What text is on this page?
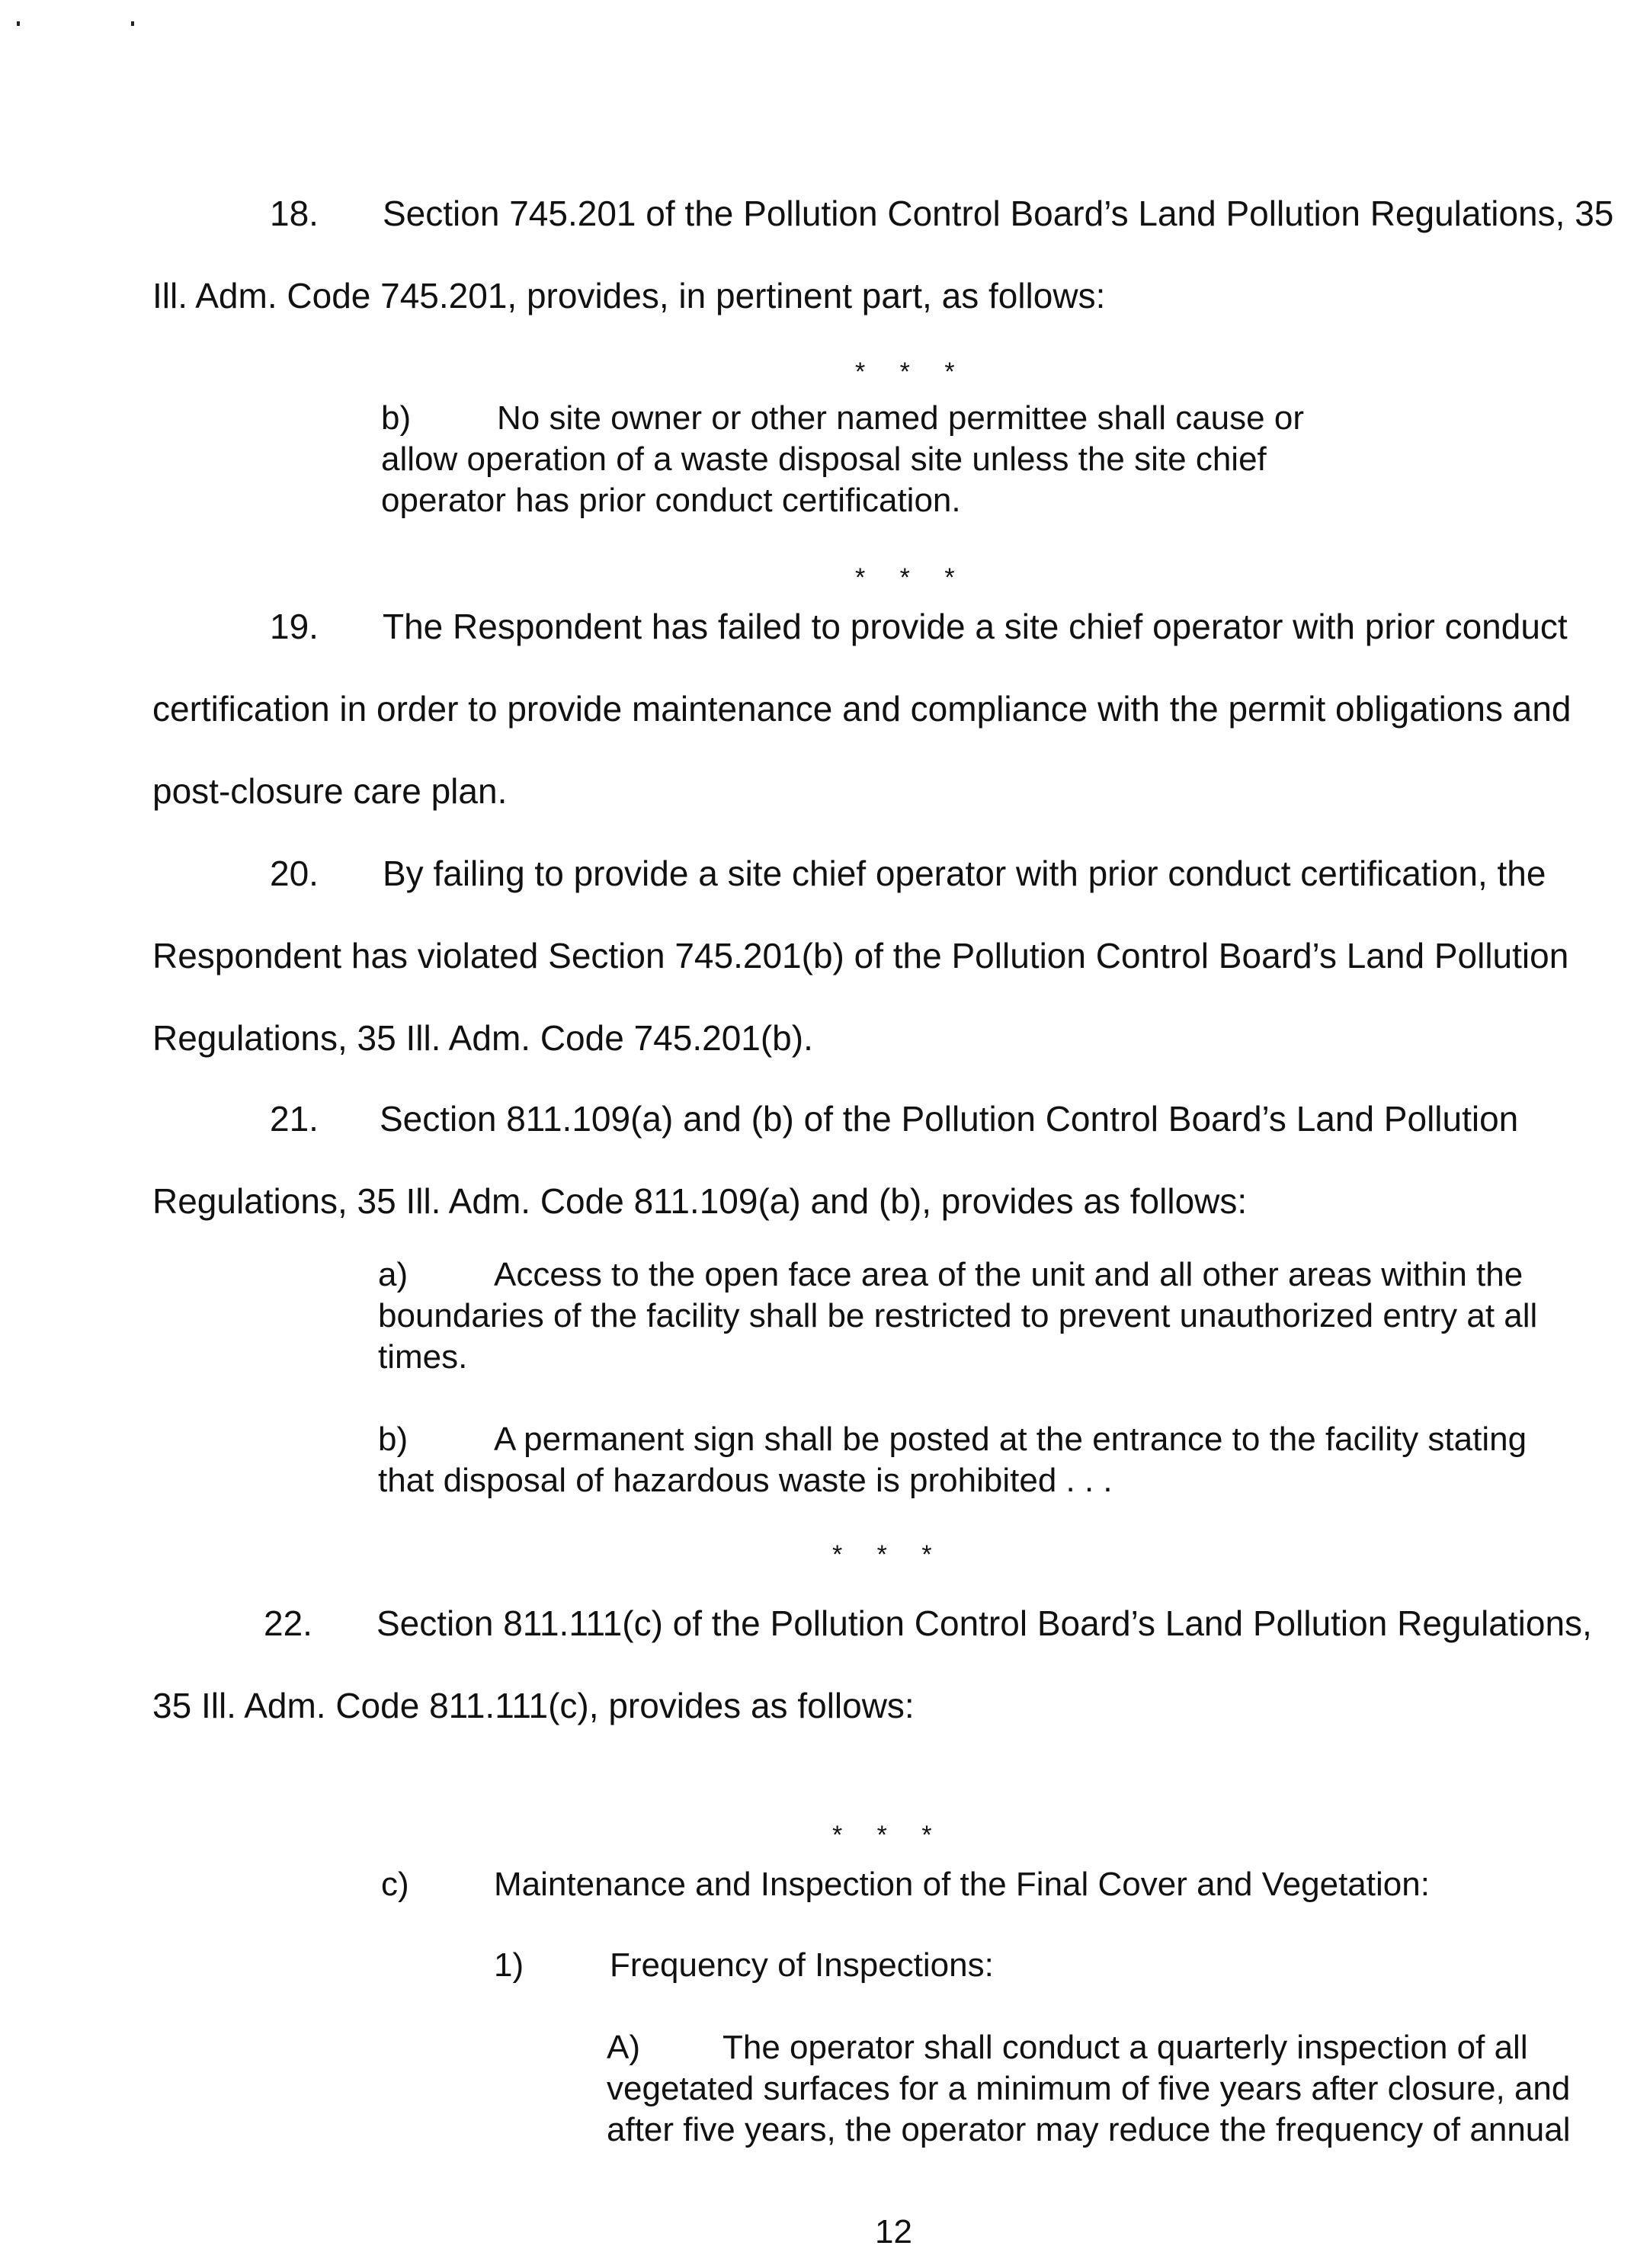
18. Section 745.201 of the Pollution Control Board’s Land Pollution Regulations, 35
Ill. Adm. Code 745.201, provides, in pertinent part, as follows:
* * *
b)	No site owner or other named permittee shall cause or
allow operation of a waste disposal site unless the site chief
operator has prior conduct certification.
* * *
19. The Respondent has failed to provide a site chief operator with prior conduct
certification in order to provide maintenance and compliance with the permit obligations and
post-closure care plan.
20. By failing to provide a site chief operator with prior conduct certification, the
Respondent has violated Section 745.201(b) of the Pollution Control Board’s Land Pollution
Regulations, 35 Ill. Adm. Code 745.201(b).
21. Section 811.109(a) and (b) of the Pollution Control Board’s Land Pollution
Regulations, 35 Ill. Adm. Code 811.109(a) and (b), provides as follows:
a)	Access to the open face area of the unit and all other areas within the
boundaries of the facility shall be restricted to prevent unauthorized entry at all
times.
b)	A permanent sign shall be posted at the entrance to the facility stating
that disposal of hazardous waste is prohibited . . .
* * *
22. Section 811.111(c) of the Pollution Control Board’s Land Pollution Regulations,
35 Ill. Adm. Code 811.111(c), provides as follows:
* * *
c)	Maintenance and Inspection of the Final Cover and Vegetation:
1)	Frequency of Inspections:
A) The operator shall conduct a quarterly inspection of all
vegetated surfaces for a minimum of five years after closure, and
after five years, the operator may reduce the frequency of annual
12
